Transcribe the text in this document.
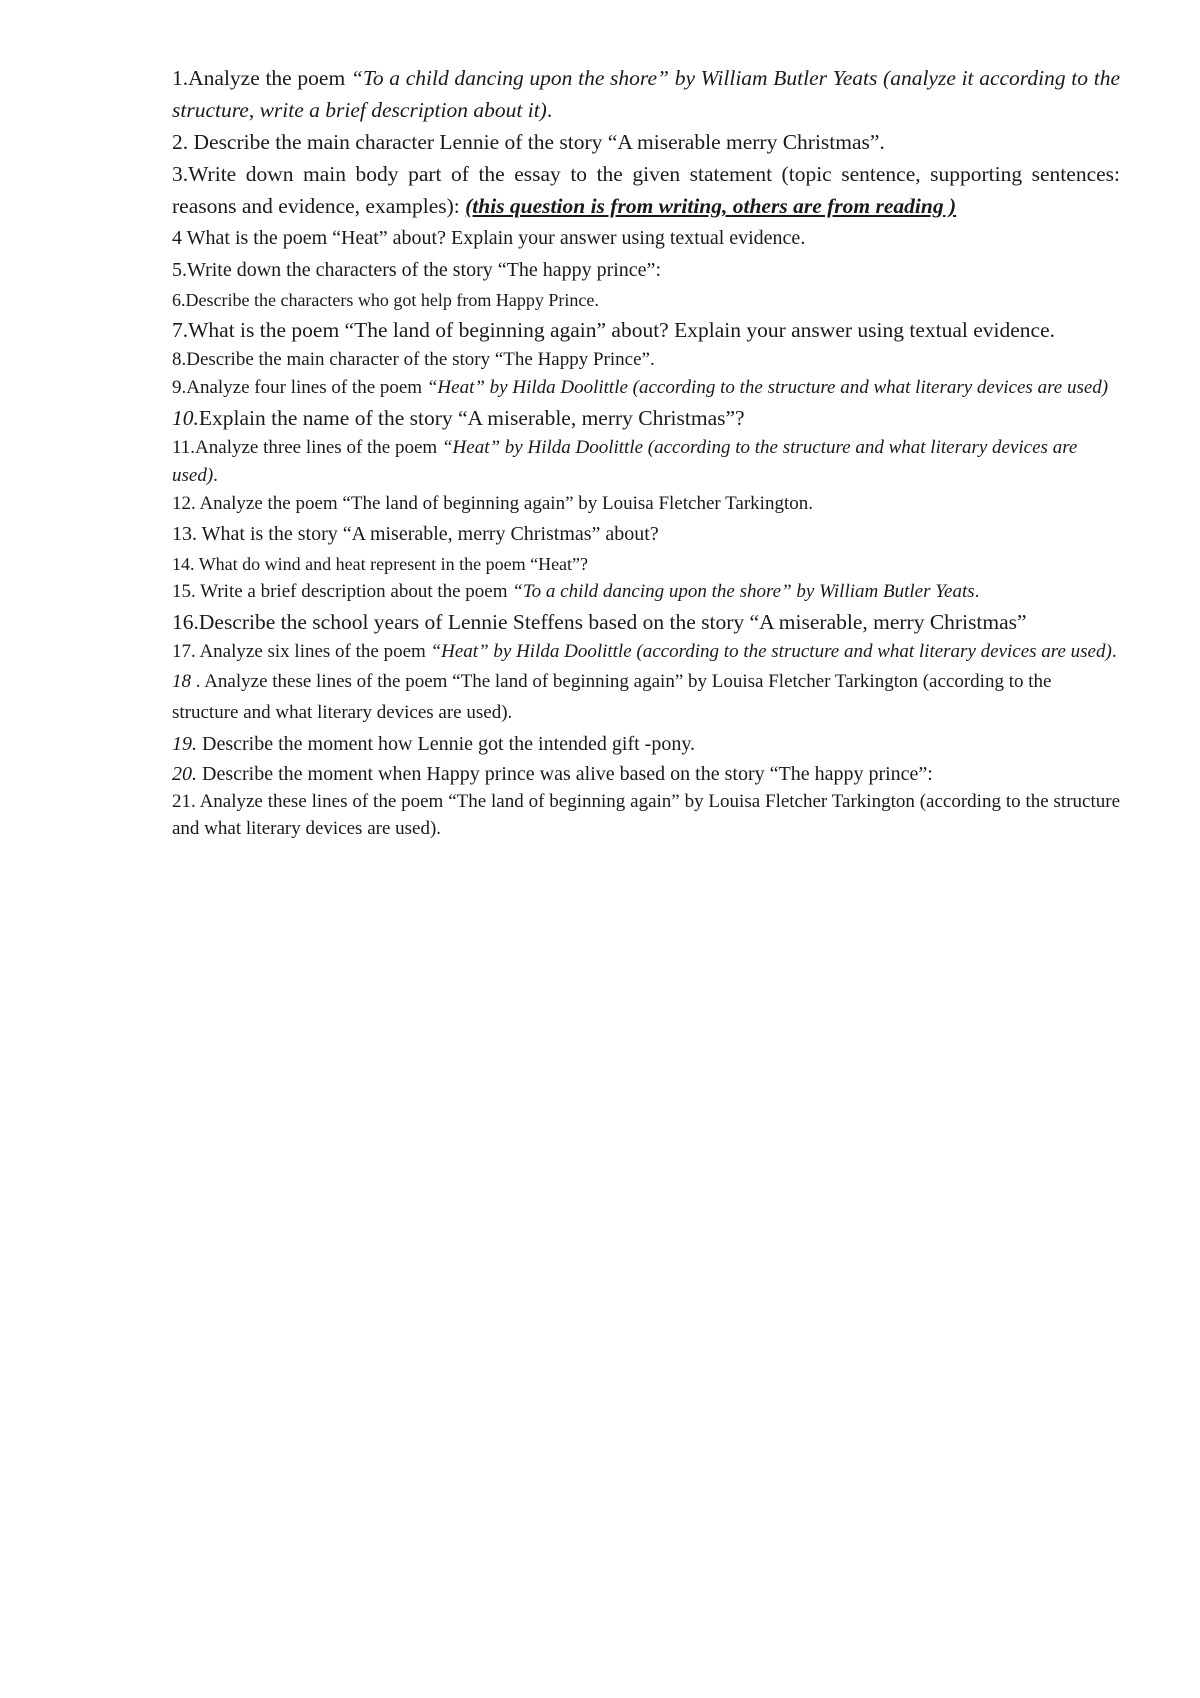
1.Analyze the poem “To a child dancing upon the shore” by William Butler Yeats (analyze it according to the structure, write a brief description about it).

2. Describe the main character Lennie of the story “A miserable merry Christmas”.

3.Write down main body part of the essay to the given statement (topic sentence, supporting sentences: reasons and evidence, examples): (this question is from writing, others are from reading )

4 What is the poem “Heat” about? Explain your answer using textual evidence.

5.Write down the characters of the story “The happy prince”:

6.Describe the characters who got help from Happy Prince.

7.What is the poem “The land of beginning again” about? Explain your answer using textual evidence.

8.Describe the main character of the story “The Happy Prince”.

9.Analyze four lines of the poem “Heat” by Hilda Doolittle (according to the structure and what literary devices are used)

10.Explain the name of the story “A miserable, merry Christmas”?

11.Analyze three lines of the poem “Heat” by Hilda Doolittle (according to the structure and what literary devices are used).

12. Analyze the poem “The land of beginning again” by Louisa Fletcher Tarkington.

13. What is the story “A miserable, merry Christmas” about?

14. What do wind and heat represent in the poem “Heat”?

15. Write a brief description about the poem “To a child dancing upon the shore” by William Butler Yeats.

16.Describe the school years of Lennie Steffens based on the story “A miserable, merry Christmas”

17. Analyze six lines of the poem “Heat” by Hilda Doolittle (according to the structure and what literary devices are used).

18 . Analyze these lines of the poem “The land of beginning again” by Louisa Fletcher Tarkington (according to the structure and what literary devices are used).

19. Describe the moment how Lennie got the intended gift -pony.

20. Describe the moment when Happy prince was alive based on the story “The happy prince”:

21. Analyze these lines of the poem “The land of beginning again” by Louisa Fletcher Tarkington (according to the structure and what literary devices are used).
